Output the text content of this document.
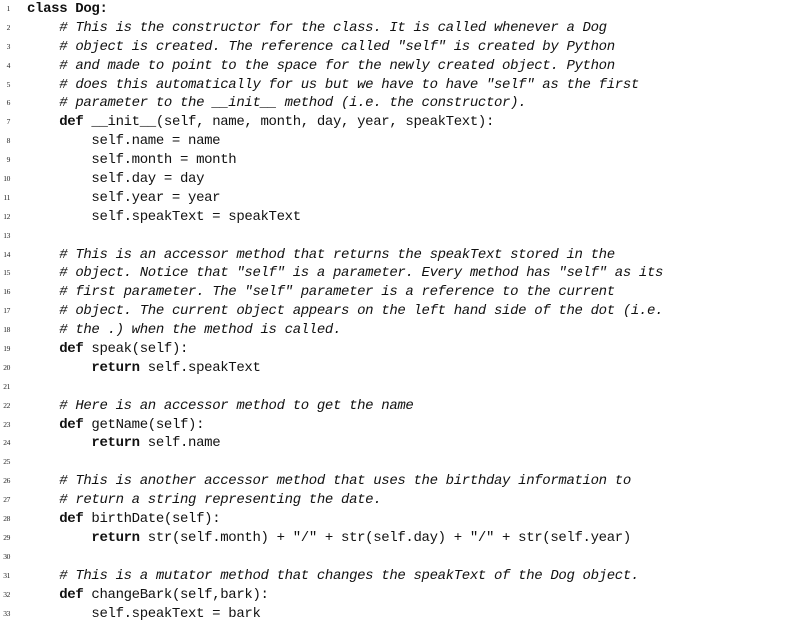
1 class Dog:
2	# This is the constructor for the class. It is called whenever a Dog
3	# object is created. The reference called "self" is created by Python
4	# and made to point to the space for the newly created object. Python
5	# does this automatically for us but we have to have "self" as the first
6	# parameter to the __init__ method (i.e. the constructor).
7	def __init__(self, name, month, day, year, speakText):
8 self.name = name
9 self.month = month
10 self.day = day
11 self.year = year
12 self.speakText = speakText
13
14	# This is an accessor method that returns the speakText stored in the
15	# object. Notice that "self" is a parameter. Every method has "self" as its
16	# first parameter. The "self" parameter is a reference to the current
17	# object. The current object appears on the left hand side of the dot (i.e.
18	# the .) when the method is called.
19	def speak(self):
20	return self.speakText
21
22	# Here is an accessor method to get the name
23	def getName(self):
24	return self.name
25
26	# This is another accessor method that uses the birthday information to
27	# return a string representing the date.
28	def birthDate(self):
29	return str(self.month) + "/" + str(self.day) + "/" + str(self.year)
30
31	# This is a mutator method that changes the speakText of the Dog object.
32	def changeBark(self,bark):
33 self.speakText = bark
